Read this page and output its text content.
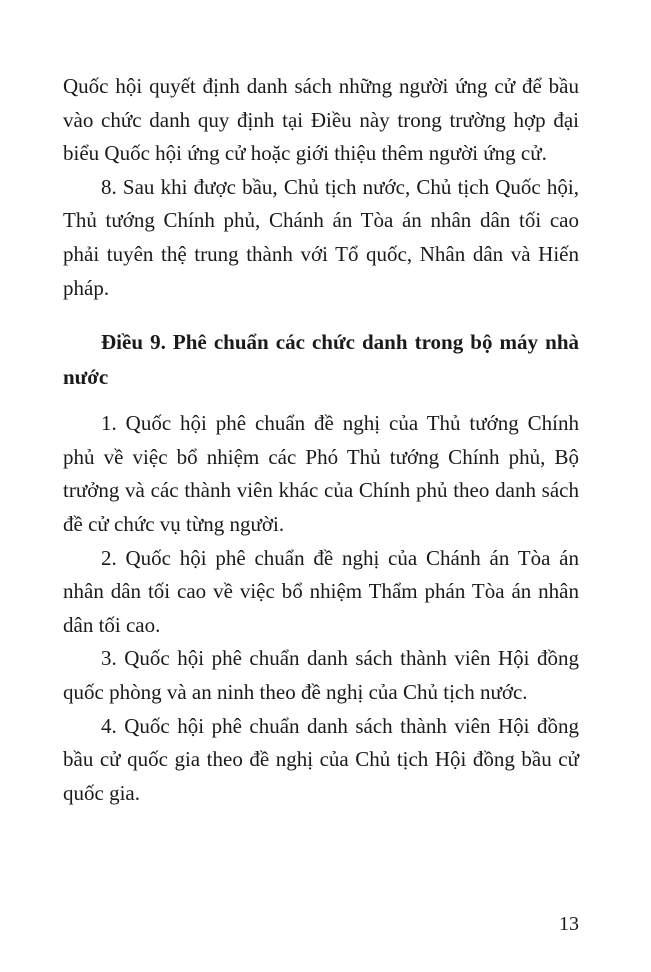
Quốc hội quyết định danh sách những người ứng cử để bầu vào chức danh quy định tại Điều này trong trường hợp đại biểu Quốc hội ứng cử hoặc giới thiệu thêm người ứng cử.

8. Sau khi được bầu, Chủ tịch nước, Chủ tịch Quốc hội, Thủ tướng Chính phủ, Chánh án Tòa án nhân dân tối cao phải tuyên thệ trung thành với Tổ quốc, Nhân dân và Hiến pháp.

Điều 9. Phê chuẩn các chức danh trong bộ máy nhà nước

1. Quốc hội phê chuẩn đề nghị của Thủ tướng Chính phủ về việc bổ nhiệm các Phó Thủ tướng Chính phủ, Bộ trưởng và các thành viên khác của Chính phủ theo danh sách đề cử chức vụ từng người.

2. Quốc hội phê chuẩn đề nghị của Chánh án Tòa án nhân dân tối cao về việc bổ nhiệm Thẩm phán Tòa án nhân dân tối cao.

3. Quốc hội phê chuẩn danh sách thành viên Hội đồng quốc phòng và an ninh theo đề nghị của Chủ tịch nước.

4. Quốc hội phê chuẩn danh sách thành viên Hội đồng bầu cử quốc gia theo đề nghị của Chủ tịch Hội đồng bầu cử quốc gia.

13
